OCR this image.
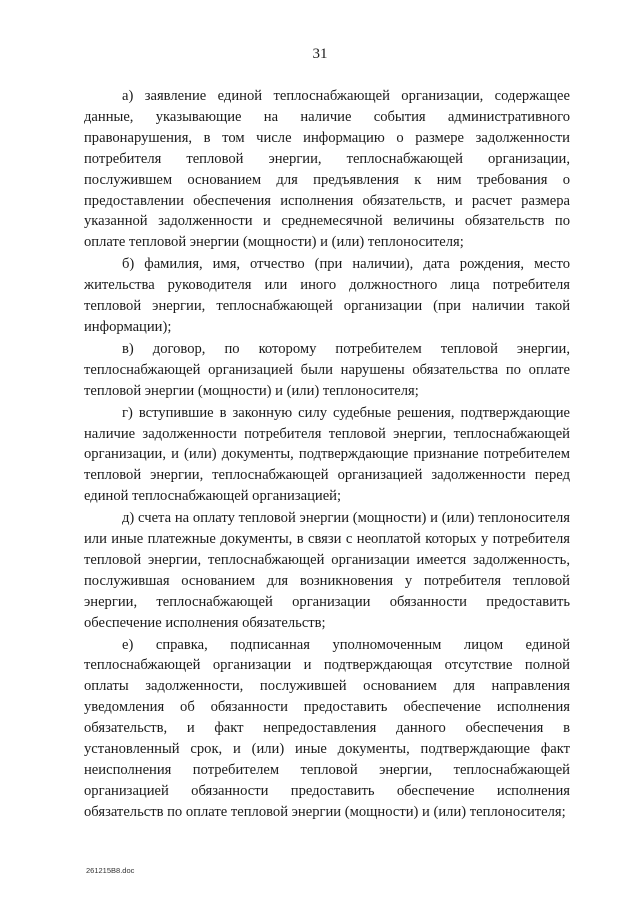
31

а) заявление единой теплоснабжающей организации, содержащее данные, указывающие на наличие события административного правонарушения, в том числе информацию о размере задолженности потребителя тепловой энергии, теплоснабжающей организации, послужившем основанием для предъявления к ним требования о предоставлении обеспечения исполнения обязательств, и расчет размера указанной задолженности и среднемесячной величины обязательств по оплате тепловой энергии (мощности) и (или) теплоносителя;

б) фамилия, имя, отчество (при наличии), дата рождения, место жительства руководителя или иного должностного лица потребителя тепловой энергии, теплоснабжающей организации (при наличии такой информации);

в) договор, по которому потребителем тепловой энергии, теплоснабжающей организацией были нарушены обязательства по оплате тепловой энергии (мощности) и (или) теплоносителя;

г) вступившие в законную силу судебные решения, подтверждающие наличие задолженности потребителя тепловой энергии, теплоснабжающей организации, и (или) документы, подтверждающие признание потребителем тепловой энергии, теплоснабжающей организацией задолженности перед единой теплоснабжающей организацией;

д) счета на оплату тепловой энергии (мощности) и (или) теплоносителя или иные платежные документы, в связи с неоплатой которых у потребителя тепловой энергии, теплоснабжающей организации имеется задолженность, послужившая основанием для возникновения у потребителя тепловой энергии, теплоснабжающей организации обязанности предоставить обеспечение исполнения обязательств;

е) справка, подписанная уполномоченным лицом единой теплоснабжающей организации и подтверждающая отсутствие полной оплаты задолженности, послужившей основанием для направления уведомления об обязанности предоставить обеспечение исполнения обязательств, и факт непредоставления данного обеспечения в установленный срок, и (или) иные документы, подтверждающие факт неисполнения потребителем тепловой энергии, теплоснабжающей организацией обязанности предоставить обеспечение исполнения обязательств по оплате тепловой энергии (мощности) и (или) теплоносителя;

261215B8.doc
